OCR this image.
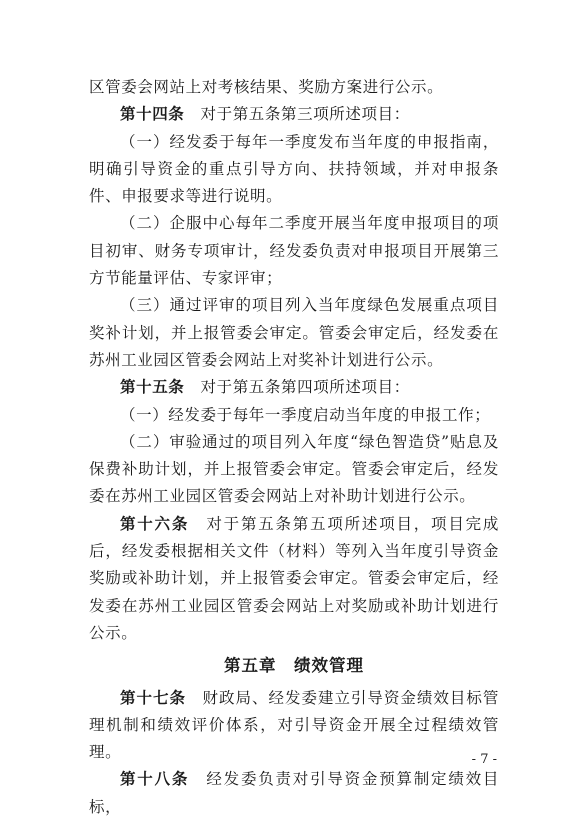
区管委会网站上对考核结果、奖励方案进行公示。

第十四条　对于第五条第三项所述项目：

（一）经发委于每年一季度发布当年度的申报指南，明确引导资金的重点引导方向、扶持领域，并对申报条件、申报要求等进行说明。

（二）企服中心每年二季度开展当年度申报项目的项目初审、财务专项审计，经发委负责对申报项目开展第三方节能量评估、专家评审；

（三）通过评审的项目列入当年度绿色发展重点项目奖补计划，并上报管委会审定。管委会审定后，经发委在苏州工业园区管委会网站上对奖补计划进行公示。

第十五条　对于第五条第四项所述项目：

（一）经发委于每年一季度启动当年度的申报工作；

（二）审验通过的项目列入年度“绿色智造贷”贴息及保费补助计划，并上报管委会审定。管委会审定后，经发委在苏州工业园区管委会网站上对补助计划进行公示。

第十六条　对于第五条第五项所述项目，项目完成后，经发委根据相关文件（材料）等列入当年度引导资金奖励或补助计划，并上报管委会审定。管委会审定后，经发委在苏州工业园区管委会网站上对奖励或补助计划进行公示。

第五章　绩效管理

第十七条　财政局、经发委建立引导资金绩效目标管理机制和绩效评价体系，对引导资金开展全过程绩效管理。

第十八条　经发委负责对引导资金预算制定绩效目标，

- 7 -
